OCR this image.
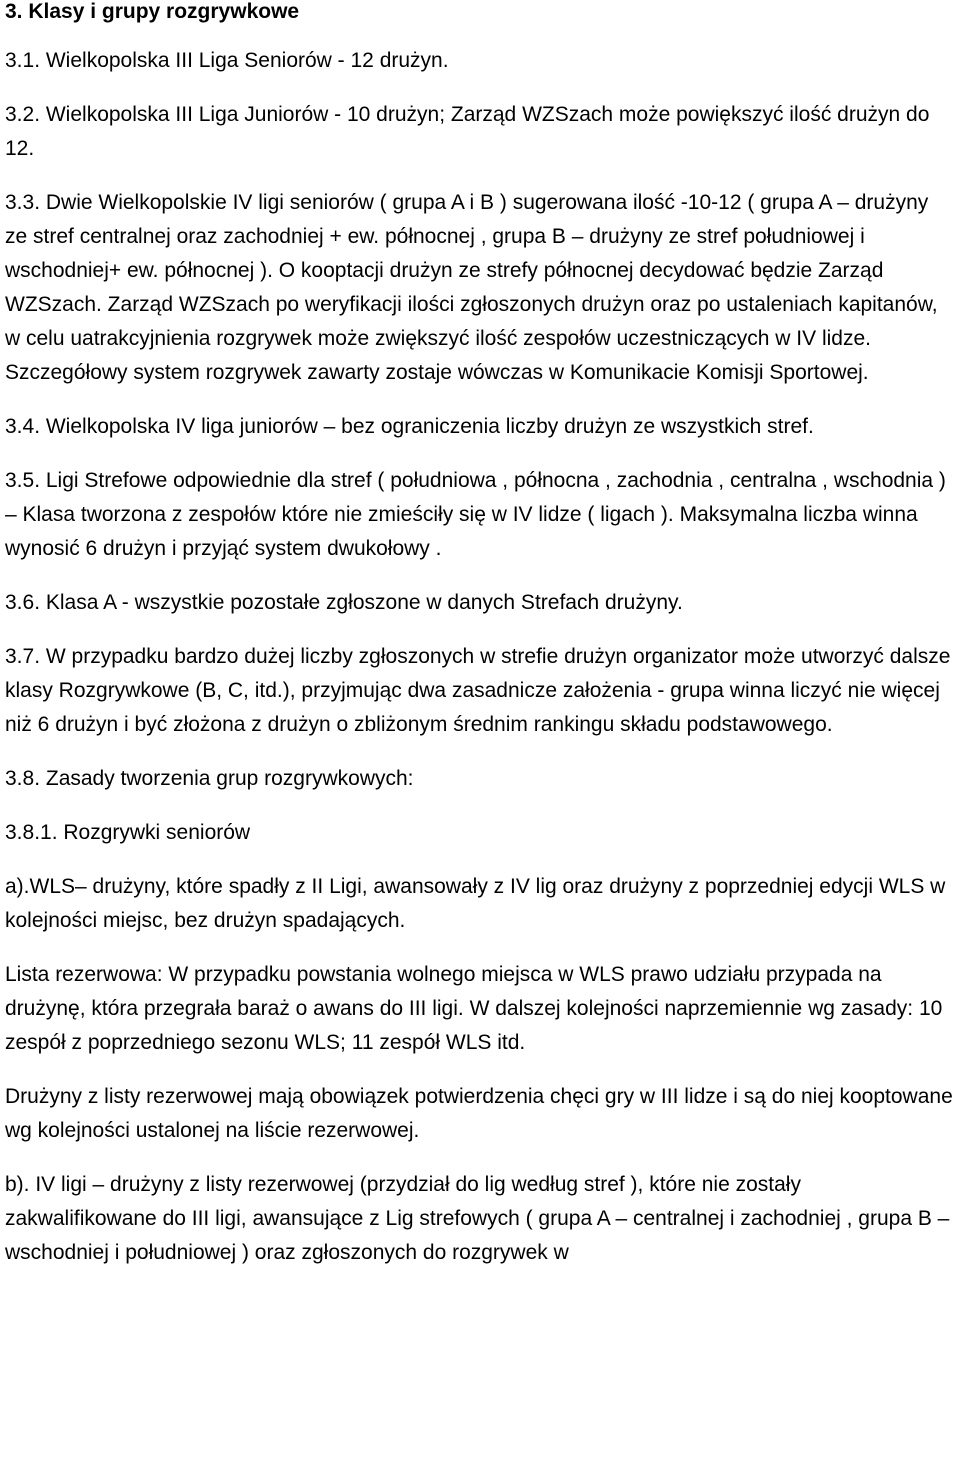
3. Klasy i grupy rozgrywkowe
3.1. Wielkopolska III Liga Seniorów - 12 drużyn.
3.2. Wielkopolska III Liga Juniorów - 10 drużyn; Zarząd WZSzach może powiększyć ilość drużyn do 12.
3.3. Dwie Wielkopolskie IV ligi seniorów ( grupa A i B ) sugerowana ilość -10-12 ( grupa A – drużyny ze stref centralnej oraz zachodniej + ew. północnej , grupa B – drużyny ze stref południowej i wschodniej+ ew. północnej ). O kooptacji drużyn ze strefy północnej decydować będzie Zarząd WZSzach. Zarząd WZSzach po weryfikacji ilości zgłoszonych drużyn oraz po ustaleniach kapitanów, w celu uatrakcyjnienia rozgrywek może zwiększyć ilość zespołów uczestniczących w IV lidze. Szczegółowy system rozgrywek zawarty zostaje wówczas w Komunikacie Komisji Sportowej.
3.4. Wielkopolska IV liga juniorów – bez ograniczenia liczby drużyn ze wszystkich stref.
3.5. Ligi Strefowe odpowiednie dla stref ( południowa , północna , zachodnia , centralna , wschodnia ) – Klasa tworzona z zespołów które nie zmieściły się w IV lidze ( ligach ). Maksymalna liczba winna wynosić 6 drużyn i przyjąć system dwukołowy .
3.6. Klasa A - wszystkie pozostałe zgłoszone w danych Strefach drużyny.
3.7. W przypadku bardzo dużej liczby zgłoszonych w strefie drużyn organizator może utworzyć dalsze klasy Rozgrywkowe (B, C, itd.), przyjmując dwa zasadnicze założenia - grupa winna liczyć nie więcej niż 6 drużyn i być złożona z drużyn o zbliżonym średnim rankingu składu podstawowego.
3.8. Zasady tworzenia grup rozgrywkowych:
3.8.1. Rozgrywki seniorów
a).WLS– drużyny, które spadły z II Ligi, awansowały z IV lig oraz drużyny z poprzedniej edycji WLS w kolejności miejsc, bez drużyn spadających.
Lista rezerwowa: W przypadku powstania wolnego miejsca w WLS prawo udziału przypada na drużynę, która przegrała baraż o awans do III ligi. W dalszej kolejności naprzemiennie wg zasady: 10 zespół z poprzedniego sezonu WLS; 11 zespół WLS itd.
Drużyny z listy rezerwowej mają obowiązek potwierdzenia chęci gry w III lidze i są do niej kooptowane wg kolejności ustalonej na liście rezerwowej.
b). IV ligi – drużyny z listy rezerwowej (przydział do lig według stref ), które nie zostały zakwalifikowane do III ligi, awansujące z Lig strefowych ( grupa A – centralnej i zachodniej , grupa B – wschodniej i południowej ) oraz zgłoszonych do rozgrywek w
